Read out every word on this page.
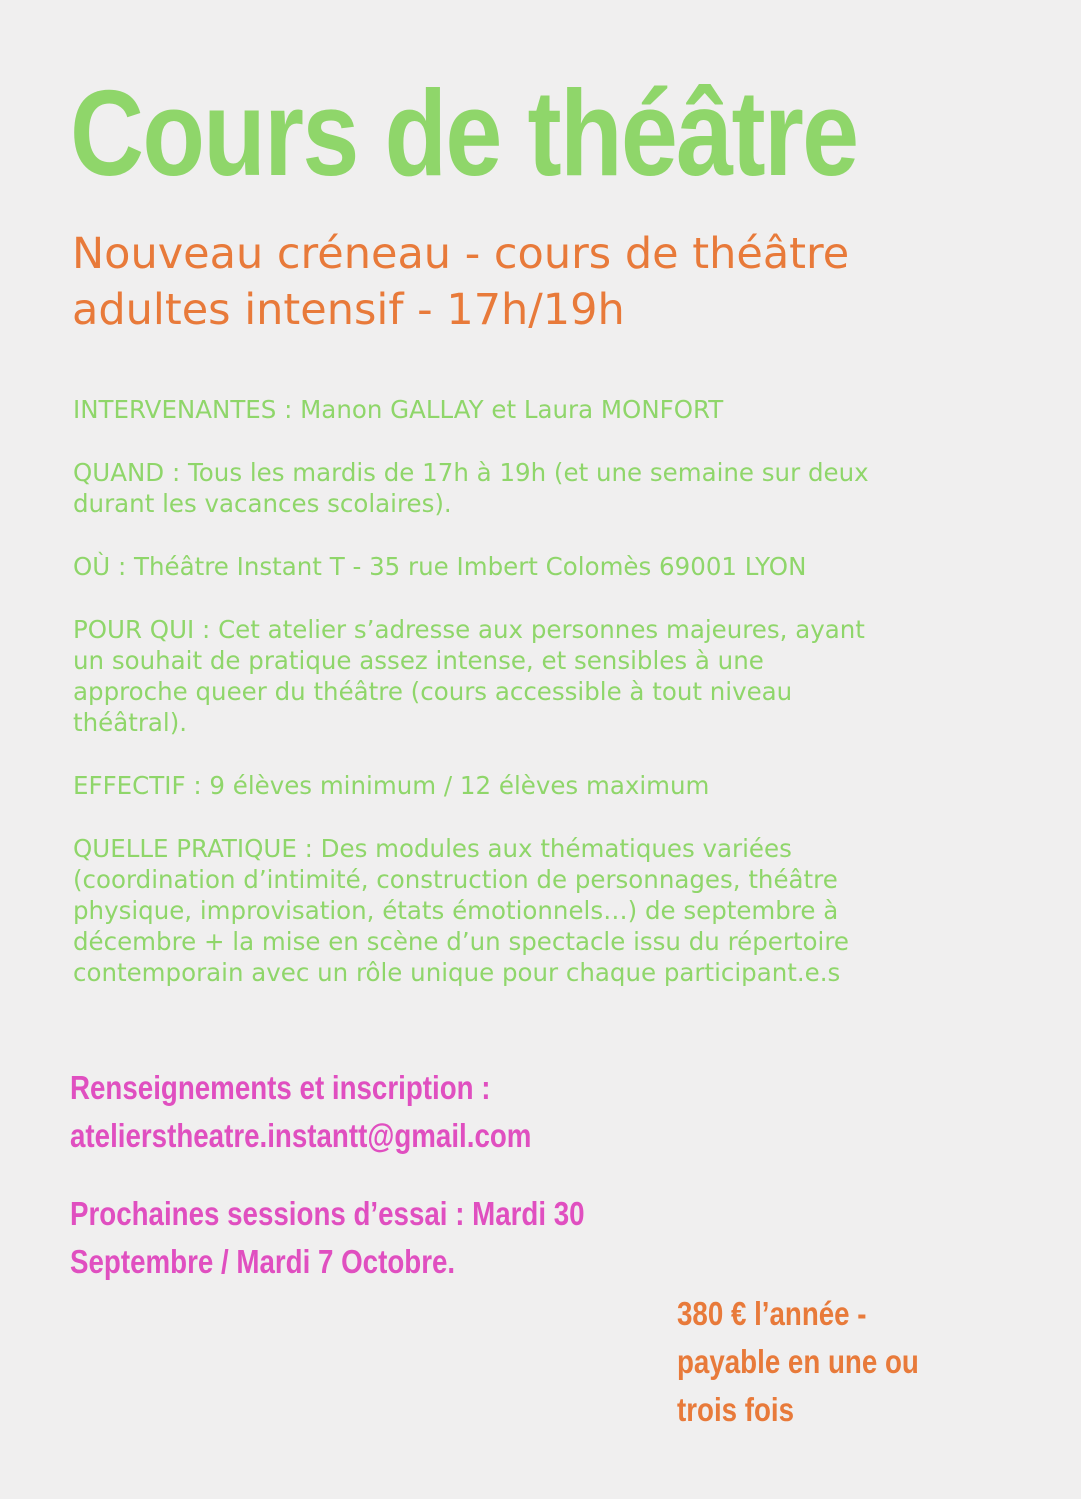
Cours de théâtre
Nouveau créneau - cours de théâtre
adultes intensif - 17h/19h

INTERVENANTES : Manon GALLAY et Laura MONFORT

QUAND : Tous les mardis de 17h à 19h (et une semaine sur deux
durant les vacances scolaires).

OÙ : Théâtre Instant T - 35 rue Imbert Colomès 69001 LYON

POUR QUI : Cet atelier s’adresse aux personnes majeures, ayant
un souhait de pratique assez intense, et sensibles à une
approche queer du théâtre (cours accessible à tout niveau
théâtral).

EFFECTIF : 9 élèves minimum / 12 élèves maximum

QUELLE PRATIQUE : Des modules aux thématiques variées
(coordination d’intimité, construction de personnages, théâtre
physique, improvisation, états émotionnels…) de septembre à
décembre + la mise en scène d’un spectacle issu du répertoire
contemporain avec un rôle unique pour chaque participant.e.s

Renseignements et inscription :
atelierstheatre.instantt@gmail.com
Prochaines sessions d’essai : Mardi 30
Septembre / Mardi 7 Octobre.
380 € l’année -
payable en une ou
trois fois
